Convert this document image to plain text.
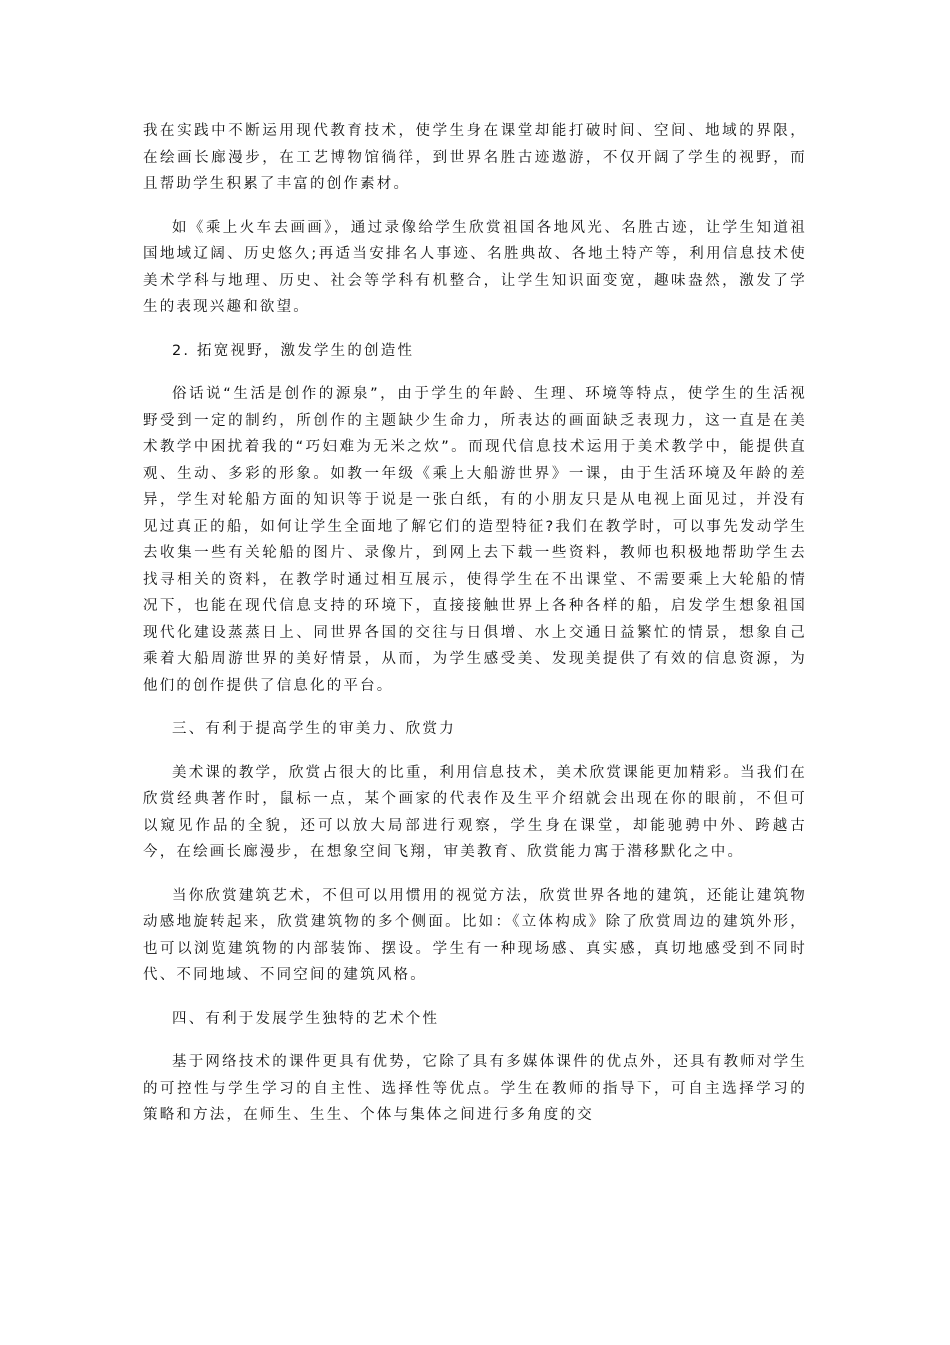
我在实践中不断运用现代教育技术，使学生身在课堂却能打破时间、空间、地域的界限，在绘画长廊漫步，在工艺博物馆徜徉，到世界名胜古迹遨游，不仅开阔了学生的视野，而且帮助学生积累了丰富的创作素材。

如《乘上火车去画画》，通过录像给学生欣赏祖国各地风光、名胜古迹，让学生知道祖国地域辽阔、历史悠久;再适当安排名人事迹、名胜典故、各地土特产等，利用信息技术使美术学科与地理、历史、社会等学科有机整合，让学生知识面变宽，趣味盎然，激发了学生的表现兴趣和欲望。

2. 拓宽视野，激发学生的创造性

俗话说“生活是创作的源泉”，由于学生的年龄、生理、环境等特点，使学生的生活视野受到一定的制约，所创作的主题缺少生命力，所表达的画面缺乏表现力，这一直是在美术教学中困扰着我的“巧妇难为无米之炊”。而现代信息技术运用于美术教学中，能提供直观、生动、多彩的形象。如教一年级《乘上大船游世界》一课，由于生活环境及年龄的差异，学生对轮船方面的知识等于说是一张白纸，有的小朋友只是从电视上面见过，并没有见过真正的船，如何让学生全面地了解它们的造型特征?我们在教学时，可以事先发动学生去收集一些有关轮船的图片、录像片，到网上去下载一些资料，教师也积极地帮助学生去找寻相关的资料，在教学时通过相互展示，使得学生在不出课堂、不需要乘上大轮船的情况下，也能在现代信息支持的环境下，直接接触世界上各种各样的船，启发学生想象祖国现代化建设蒸蒸日上、同世界各国的交往与日俱增、水上交通日益繁忙的情景，想象自己乘着大船周游世界的美好情景，从而，为学生感受美、发现美提供了有效的信息资源，为他们的创作提供了信息化的平台。

三、有利于提高学生的审美力、欣赏力

美术课的教学，欣赏占很大的比重，利用信息技术，美术欣赏课能更加精彩。当我们在欣赏经典著作时，鼠标一点，某个画家的代表作及生平介绍就会出现在你的眼前，不但可以窥见作品的全貌，还可以放大局部进行观察，学生身在课堂，却能驰骋中外、跨越古今，在绘画长廊漫步，在想象空间飞翔，审美教育、欣赏能力寓于潜移默化之中。

当你欣赏建筑艺术，不但可以用惯用的视觉方法，欣赏世界各地的建筑，还能让建筑物动感地旋转起来，欣赏建筑物的多个侧面。比如：《立体构成》除了欣赏周边的建筑外形，也可以浏览建筑物的内部装饰、摆设。学生有一种现场感、真实感，真切地感受到不同时代、不同地域、不同空间的建筑风格。

四、有利于发展学生独特的艺术个性

基于网络技术的课件更具有优势，它除了具有多媒体课件的优点外，还具有教师对学生的可控性与学生学习的自主性、选择性等优点。学生在教师的指导下，可自主选择学习的策略和方法，在师生、生生、个体与集体之间进行多角度的交
